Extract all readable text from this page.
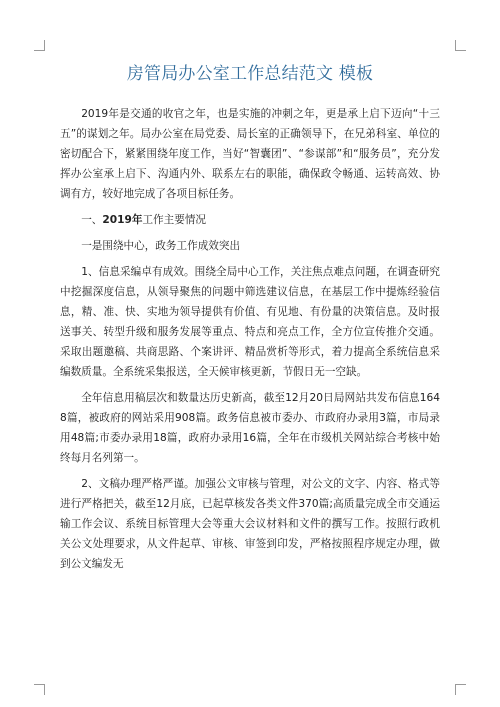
房管局办公室工作总结范文 模板

2019年是交通的收官之年，也是实施的冲刺之年，更是承上启下迈向“十三五”的谋划之年。局办公室在局党委、局长室的正确领导下，在兄弟科室、单位的密切配合下，紧紧围绕年度工作，当好“智囊团”、“参谋部”和“服务员”，充分发挥办公室承上启下、沟通内外、联系左右的职能，确保政令畅通、运转高效、协调有方，较好地完成了各项目标任务。

一、2019年工作主要情况

一是围绕中心，政务工作成效突出

1、信息采编卓有成效。围绕全局中心工作，关注焦点难点问题，在调查研究中挖掘深度信息，从领导聚焦的问题中筛选建议信息，在基层工作中提炼经验信息，精、准、快、实地为领导提供有价值、有见地、有份量的决策信息。及时报送事关、转型升级和服务发展等重点、特点和亮点工作，全方位宣传推介交通。采取出题邀稿、共商思路、个案讲评、精品赏析等形式，着力提高全系统信息采编数质量。全系统采集报送，全天候审核更新，节假日无一空缺。

全年信息用稿层次和数量达历史新高，截至12月20日局网站共发布信息1648篇，被政府的网站采用908篇。政务信息被市委办、市政府办录用3篇，市局录用48篇;市委办录用18篇，政府办录用16篇，全年在市级机关网站综合考核中始终每月名列第一。

2、文稿办理严格严谨。加强公文审核与管理，对公文的文字、内容、格式等进行严格把关，截至12月底，已起草核发各类文件370篇;高质量完成全市交通运输工作会议、系统目标管理大会等重大会议材料和文件的撰写工作。按照行政机关公文处理要求，从文件起草、审核、审签到印发，严格按照程序规定办理，做到公文编发无
